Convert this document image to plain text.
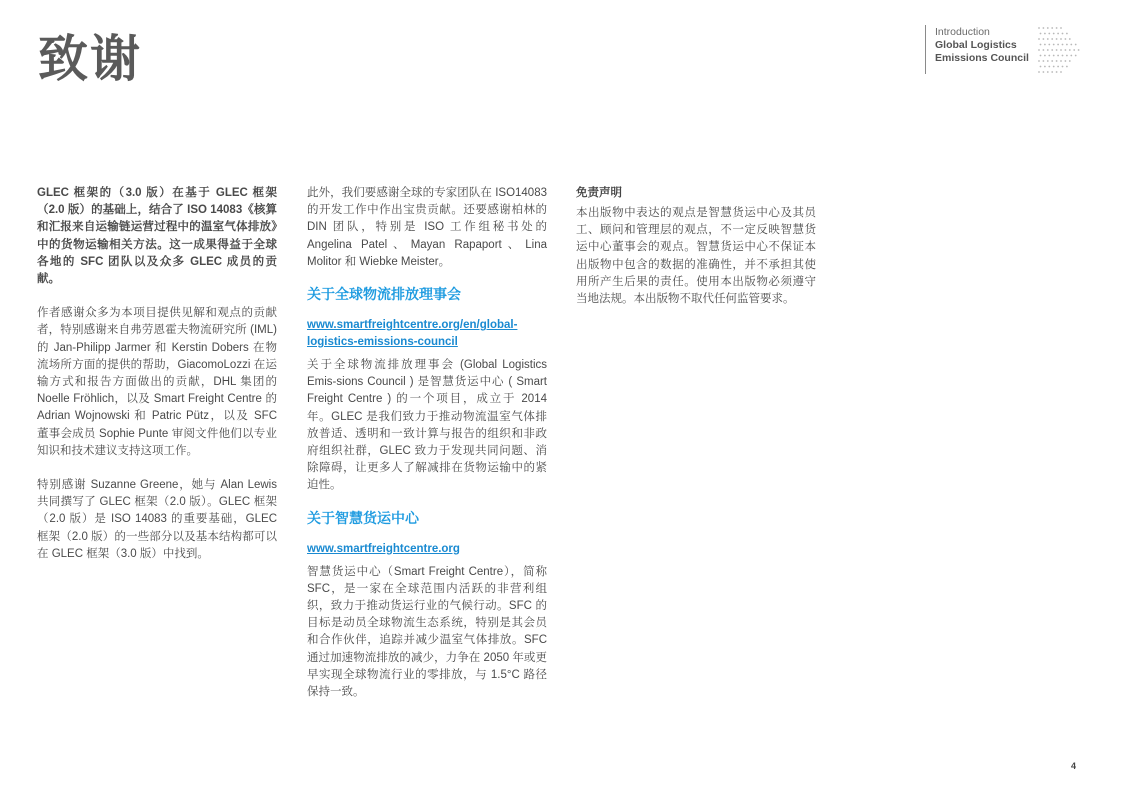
致谢	Introduction
Global Logistics
Emissions Council

GLEC 框架的（3.0 版）在基于 GLEC 框架（2.0 版）的基础上，结合了 ISO 14083《核算和汇报来自运输链运营过程中的温室气体排放》中的货物运输相关方法。这一成果得益于全球各地的 SFC 团队以及众多 GLEC 成员的贡献。

作者感谢众多为本项目提供见解和观点的贡献者，特别感谢来自弗劳恩霍夫物流研究所 (IML) 的 Jan-Philipp Jarmer 和 Kerstin Dobers 在物流场所方面的提供的帮助，GiacomoLozzi 在运输方式和报告方面做出的贡献，DHL 集团的 Noelle Fröhlich，以及 Smart Freight Centre 的 Adrian Wojnowski 和 Patric Pütz，以及 SFC 董事会成员 Sophie Punte 审阅文件他们以专业知识和技术建议支持这项工作。

特别感谢 Suzanne Greene，她与 Alan Lewis 共同撰写了 GLEC 框架（2.0 版）。GLEC 框架（2.0 版）是 ISO 14083 的重要基础，GLEC 框架（2.0 版）的一些部分以及基本结构都可以在 GLEC 框架（3.0 版）中找到。

此外，我们要感谢全球的专家团队在 ISO14083 的开发工作中作出宝贵贡献。还要感谢柏林的 DIN 团队，特别是 ISO 工作组秘书处的 Angelina Patel、Mayan Rapaport、Lina Molitor 和 Wiebke Meister。

关于全球物流排放理事会
www.smartfreightcentre.org/en/global-logistics-emissions-council

关于全球物流排放理事会 (Global Logistics Emis-sions Council ) 是智慧货运中心 ( Smart Freight Centre ) 的一个项目，成立于 2014 年。GLEC 是我们致力于推动物流温室气体排放普适、透明和一致计算与报告的组织和非政府组织社群，GLEC 致力于发现共同问题、消除障碍，让更多人了解减排在货物运输中的紧迫性。

关于智慧货运中心
www.smartfreightcentre.org

智慧货运中心（Smart Freight Centre），简称 SFC，是一家在全球范围内活跃的非营利组织，致力于推动货运行业的气候行动。SFC 的目标是动员全球物流生态系统，特别是其会员和合作伙伴，追踪并减少温室气体排放。SFC 通过加速物流排放的减少，力争在 2050 年或更早实现全球物流行业的零排放，与 1.5°C 路径保持一致。

免责声明

本出版物中表达的观点是智慧货运中心及其员工、顾问和管理层的观点，不一定反映智慧货运中心董事会的观点。智慧货运中心不保证本出版物中包含的数据的准确性，并不承担其使用所产生后果的责任。使用本出版物必须遵守当地法规。本出版物不取代任何监管要求。

4
